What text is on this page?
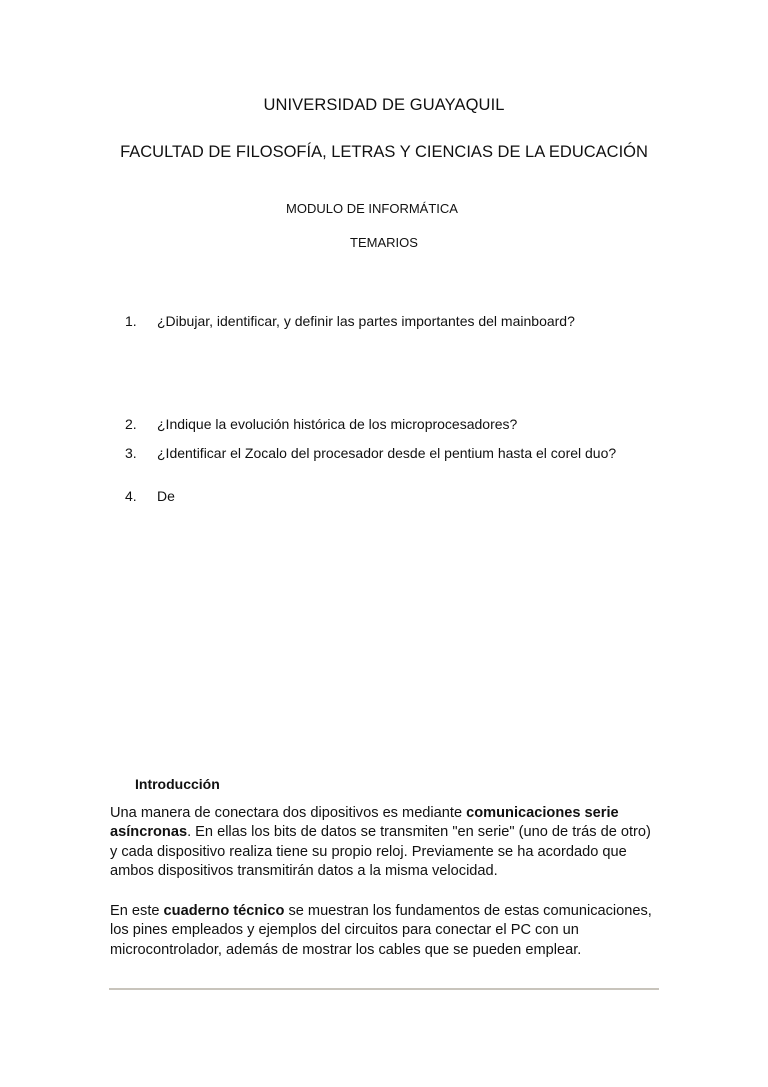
UNIVERSIDAD DE GUAYAQUIL
FACULTAD DE FILOSOFÍA, LETRAS Y CIENCIAS DE LA EDUCACIÓN
MODULO DE INFORMÁTICA
TEMARIOS
1.	¿Dibujar, identificar, y definir las partes importantes del mainboard?
2.	¿Indique la evolución histórica de los microprocesadores?
3.	¿Identificar el Zocalo del procesador desde el pentium hasta el corel duo?
4.	De
Introducción
Una manera de conectara dos dipositivos es mediante comunicaciones serie asíncronas. En ellas los bits de datos se transmiten "en serie" (uno de trás de otro) y cada dispositivo realiza tiene su propio reloj. Previamente se ha acordado que ambos dispositivos transmitirán datos a la misma velocidad.
En este cuaderno técnico se muestran los fundamentos de estas comunicaciones, los pines empleados y ejemplos del circuitos para conectar el PC con un microcontrolador, además de mostrar los cables que se pueden emplear.
